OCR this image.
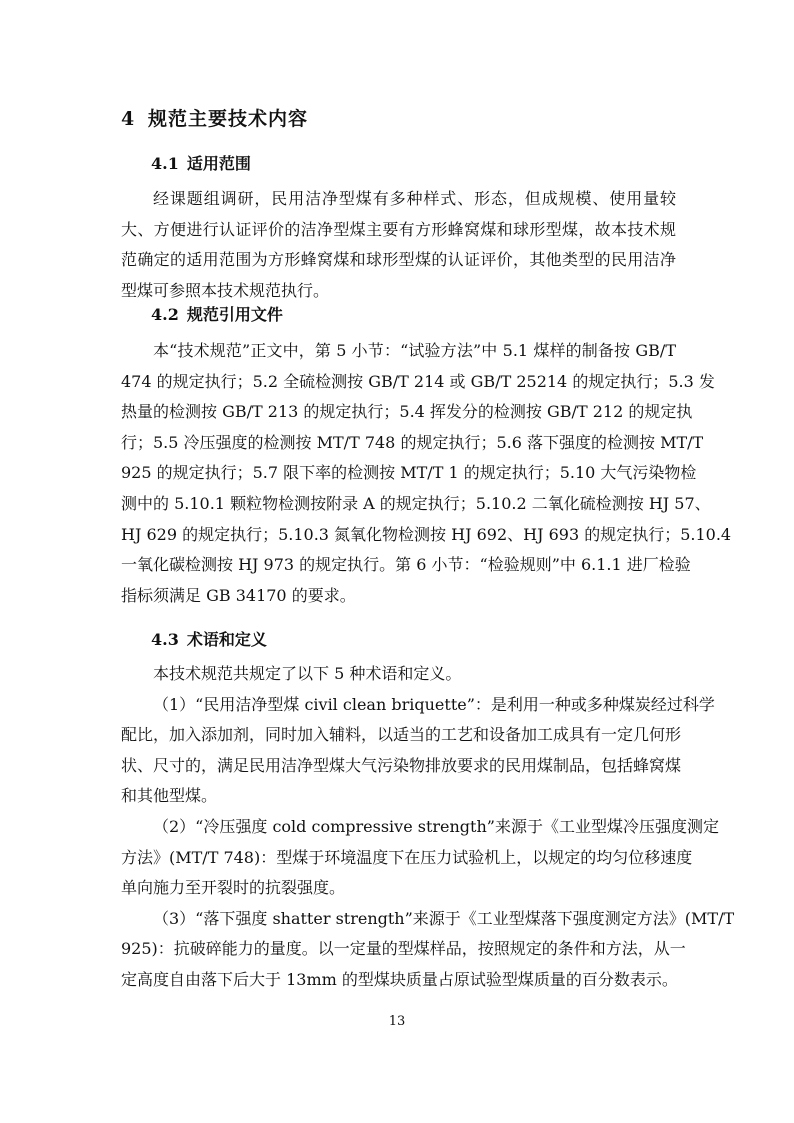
4 规范主要技术内容
4.1 适用范围
经课题组调研，民用洁净型煤有多种样式、形态，但成规模、使用量较
大、方便进行认证评价的洁净型煤主要有方形蜂窝煤和球形型煤，故本技术规
范确定的适用范围为方形蜂窝煤和球形型煤的认证评价，其他类型的民用洁净
型煤可参照本技术规范执行。
4.2 规范引用文件
本“技术规范”正文中，第 5 小节：“试验方法”中 5.1 煤样的制备按 GB/T
474 的规定执行；5.2 全硫检测按 GB/T 214 或 GB/T 25214 的规定执行；5.3 发
热量的检测按 GB/T 213 的规定执行；5.4 挥发分的检测按 GB/T 212 的规定执
行；5.5 冷压强度的检测按 MT/T 748 的规定执行；5.6 落下强度的检测按 MT/T
925 的规定执行；5.7 限下率的检测按 MT/T 1 的规定执行；5.10 大气污染物检
测中的 5.10.1 颗粒物检测按附录 A 的规定执行；5.10.2 二氧化硫检测按 HJ 57、
HJ 629 的规定执行；5.10.3 氮氧化物检测按 HJ 692、HJ 693 的规定执行；5.10.4
一氧化碳检测按 HJ 973 的规定执行。第 6 小节：“检验规则”中 6.1.1 进厂检验
指标须满足 GB 34170 的要求。
4.3 术语和定义
本技术规范共规定了以下 5 种术语和定义。
（1）“民用洁净型煤 civil clean briquette”：是利用一种或多种煤炭经过科学
配比，加入添加剂，同时加入辅料，以适当的工艺和设备加工成具有一定几何形
状、尺寸的，满足民用洁净型煤大气污染物排放要求的民用煤制品，包括蜂窝煤
和其他型煤。
（2）“冷压强度 cold compressive strength”来源于《工业型煤冷压强度测定
方法》(MT/T 748)：型煤于环境温度下在压力试验机上，以规定的均匀位移速度
单向施力至开裂时的抗裂强度。
（3）“落下强度 shatter strength”来源于《工业型煤落下强度测定方法》(MT/T
925)：抗破碎能力的量度。以一定量的型煤样品，按照规定的条件和方法，从一
定高度自由落下后大于 13mm 的型煤块质量占原试验型煤质量的百分数表示。
13
